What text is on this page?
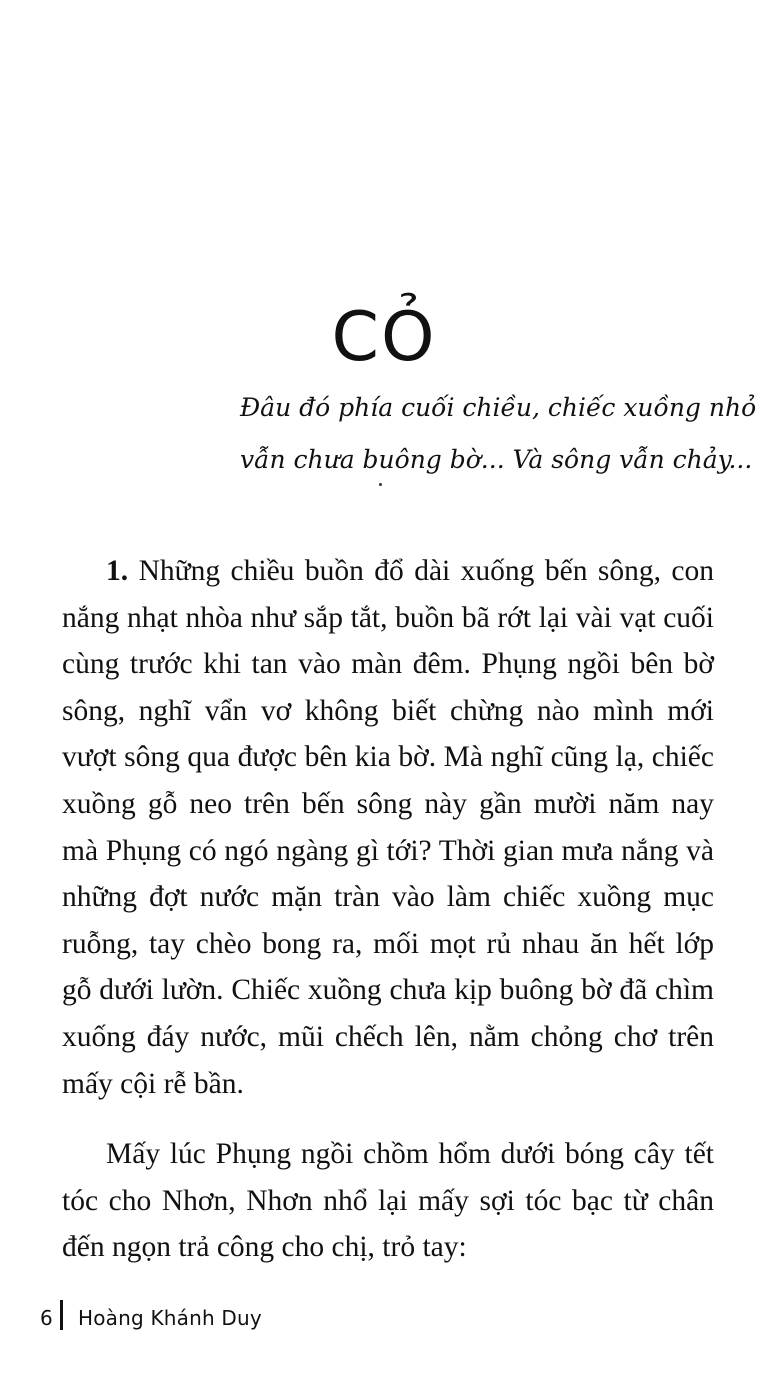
CỎ
Đâu đó phía cuối chiều, chiếc xuồng nhỏ
vẫn chưa buông bờ... Và sông vẫn chảy...

1. Những chiều buồn đổ dài xuống bến sông, con
nắng nhạt nhòa như sắp tắt, buồn bã rớt lại vài vạt cuối
cùng trước khi tan vào màn đêm. Phụng ngồi bên bờ
sông, nghĩ vẩn vơ không biết chừng nào mình mới
vượt sông qua được bên kia bờ. Mà nghĩ cũng lạ, chiếc
xuồng gỗ neo trên bến sông này gần mười năm nay
mà Phụng có ngó ngàng gì tới? Thời gian mưa nắng và
những đợt nước mặn tràn vào làm chiếc xuồng mục
ruỗng, tay chèo bong ra, mối mọt rủ nhau ăn hết lớp
gỗ dưới lườn. Chiếc xuồng chưa kịp buông bờ đã chìm
xuống đáy nước, mũi chếch lên, nằm chỏng chơ trên
mấy cội rễ bần.

Mấy lúc Phụng ngồi chồm hổm dưới bóng cây tết
tóc cho Nhơn, Nhơn nhổ lại mấy sợi tóc bạc từ chân
đến ngọn trả công cho chị, trỏ tay:

6 Hoàng Khánh Duy
